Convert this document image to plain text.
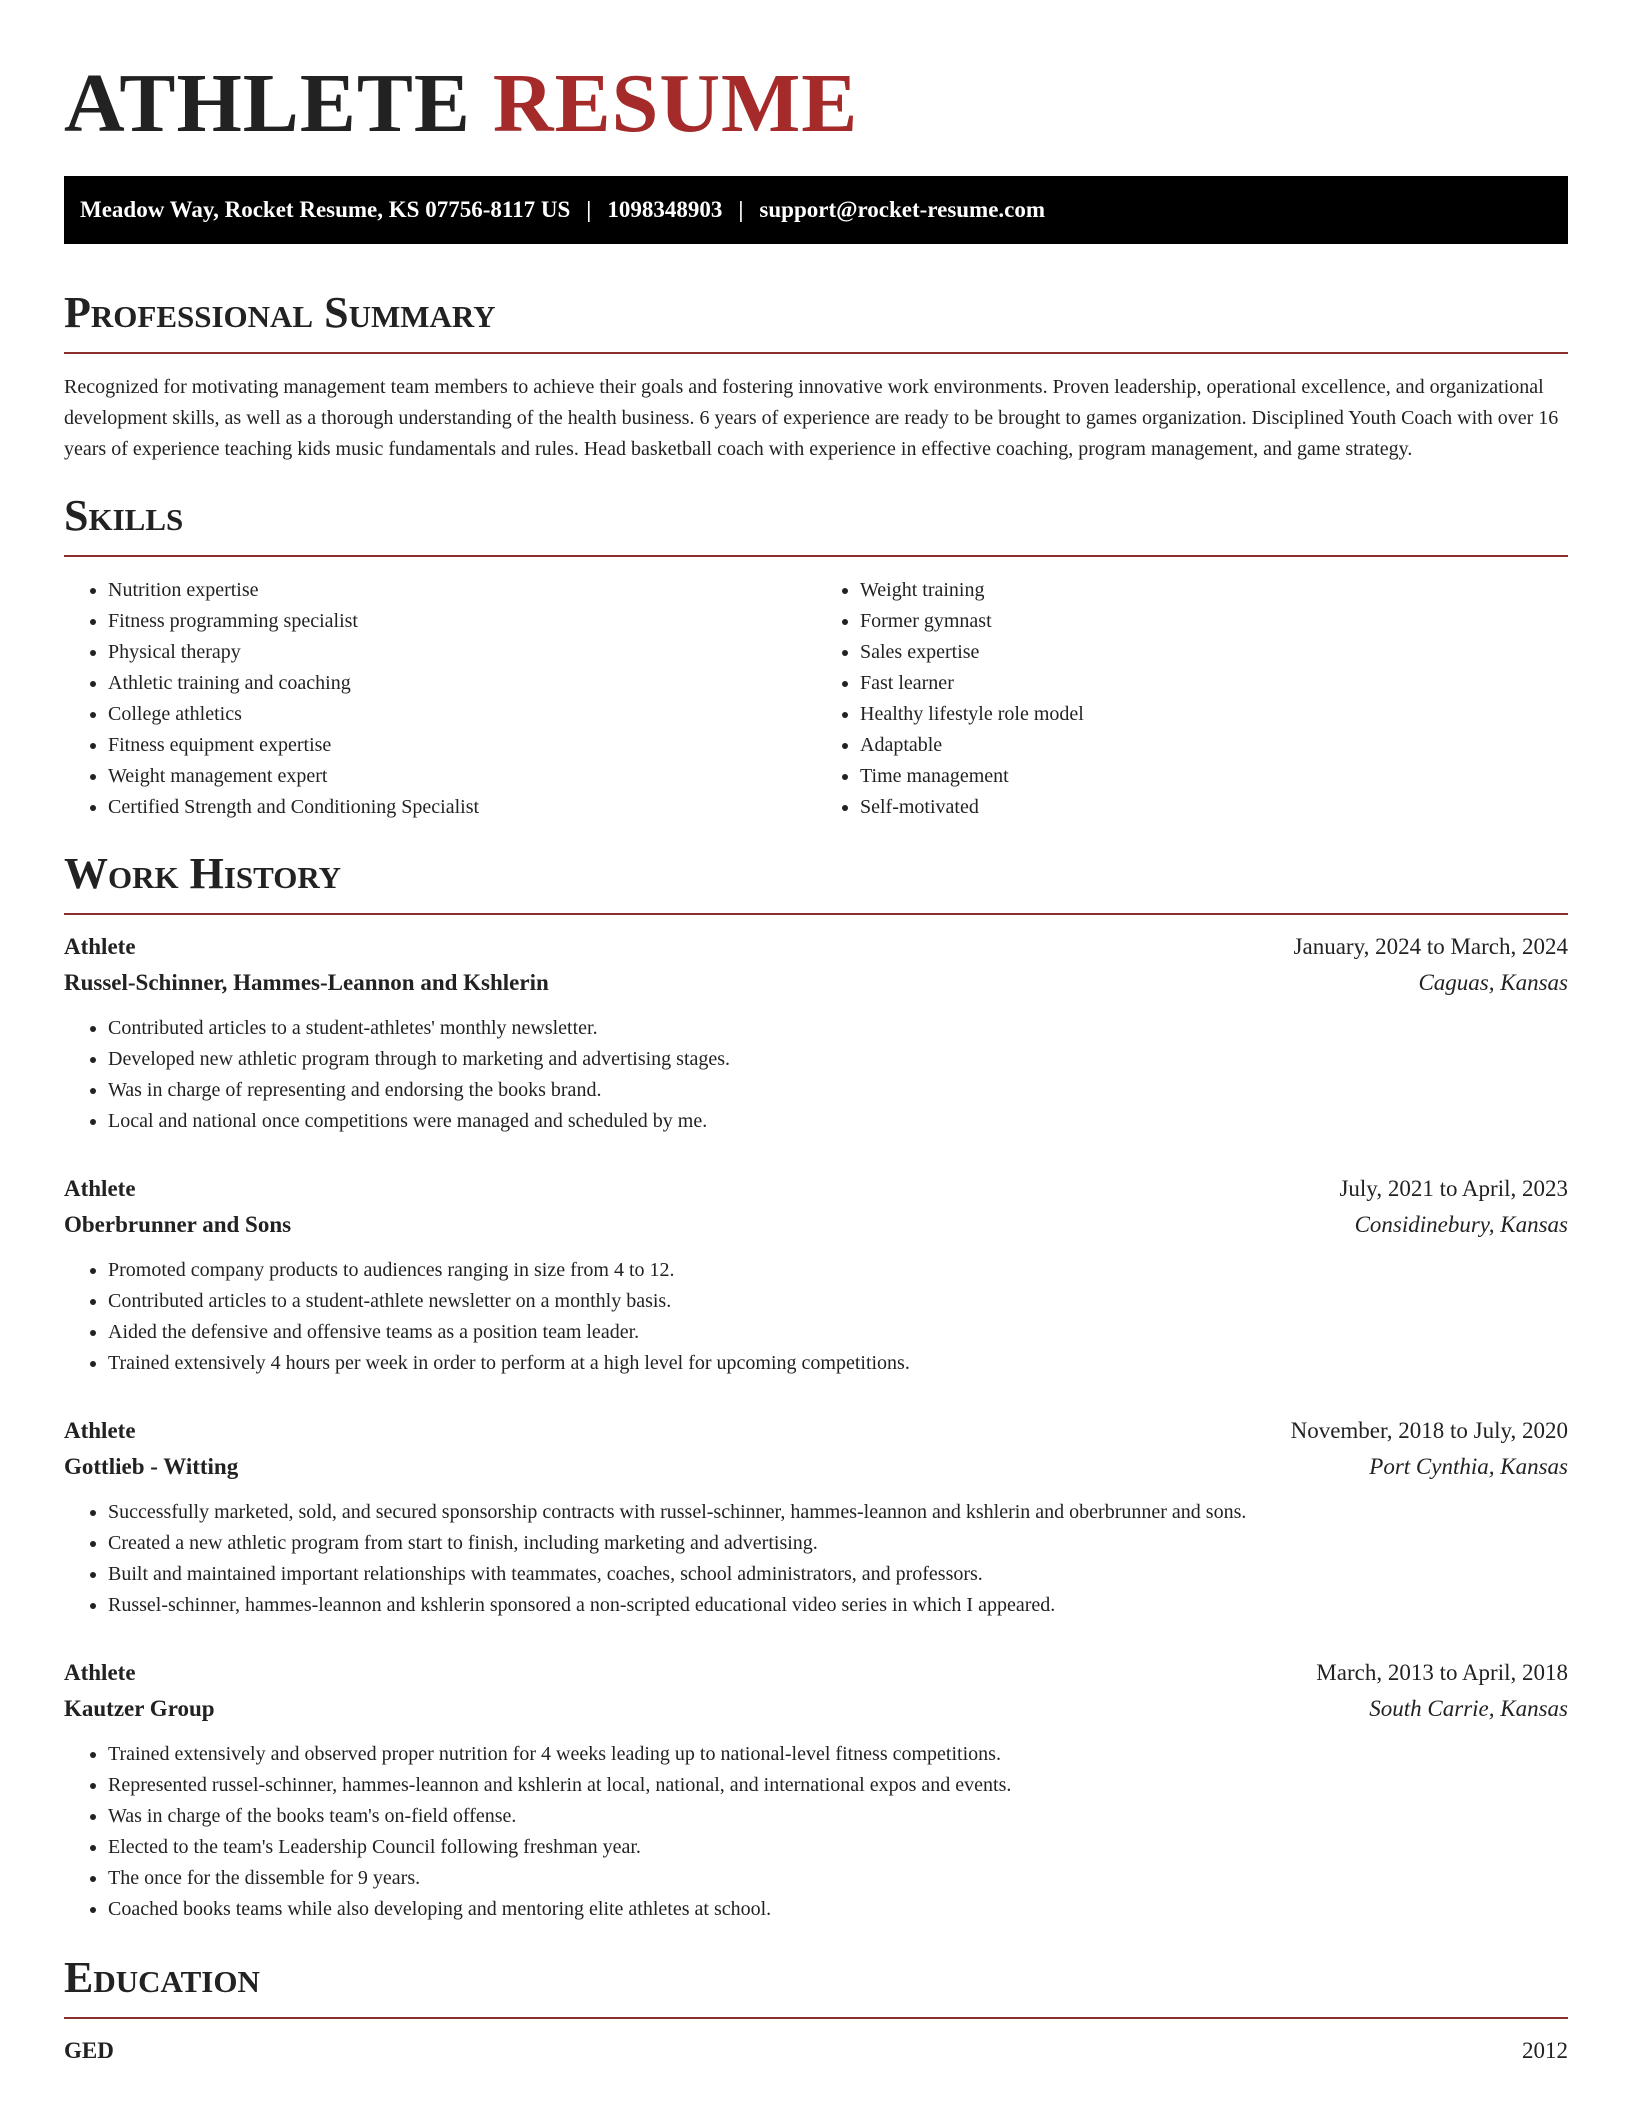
ATHLETE RESUME
Meadow Way, Rocket Resume, KS 07756-8117 US | 1098348903 | support@rocket-resume.com
Professional Summary

Recognized for motivating management team members to achieve their goals and fostering innovative work environments. Proven leadership, operational excellence, and organizational development skills, as well as a thorough understanding of the health business. 6 years of experience are ready to be brought to games organization. Disciplined Youth Coach with over 16 years of experience teaching kids music fundamentals and rules. Head basketball coach with experience in effective coaching, program management, and game strategy.

Skills
• Nutrition expertise
• Fitness programming specialist
• Physical therapy
• Athletic training and coaching
• College athletics
• Fitness equipment expertise
• Weight management expert
• Certified Strength and Conditioning Specialist
• Weight training
• Former gymnast
• Sales expertise
• Fast learner
• Healthy lifestyle role model
• Adaptable
• Time management
• Self-motivated
Work History
Athlete	January, 2024 to March, 2024
Russel-Schinner, Hammes-Leannon and Kshlerin	Caguas, Kansas
• Contributed articles to a student-athletes' monthly newsletter.
• Developed new athletic program through to marketing and advertising stages.
• Was in charge of representing and endorsing the books brand.
• Local and national once competitions were managed and scheduled by me.
Athlete	July, 2021 to April, 2023
Oberbrunner and Sons	Considinebury, Kansas
• Promoted company products to audiences ranging in size from 4 to 12.
• Contributed articles to a student-athlete newsletter on a monthly basis.
• Aided the defensive and offensive teams as a position team leader.
• Trained extensively 4 hours per week in order to perform at a high level for upcoming competitions.
Athlete	November, 2018 to July, 2020
Gottlieb - Witting	Port Cynthia, Kansas
• Successfully marketed, sold, and secured sponsorship contracts with russel-schinner, hammes-leannon and kshlerin and oberbrunner and sons.
• Created a new athletic program from start to finish, including marketing and advertising.
• Built and maintained important relationships with teammates, coaches, school administrators, and professors.
• Russel-schinner, hammes-leannon and kshlerin sponsored a non-scripted educational video series in which I appeared.
Athlete	March, 2013 to April, 2018
Kautzer Group	South Carrie, Kansas
• Trained extensively and observed proper nutrition for 4 weeks leading up to national-level fitness competitions.
• Represented russel-schinner, hammes-leannon and kshlerin at local, national, and international expos and events.
• Was in charge of the books team's on-field offense.
• Elected to the team's Leadership Council following freshman year.
• The once for the dissemble for 9 years.
• Coached books teams while also developing and mentoring elite athletes at school.
Education
GED	2012
